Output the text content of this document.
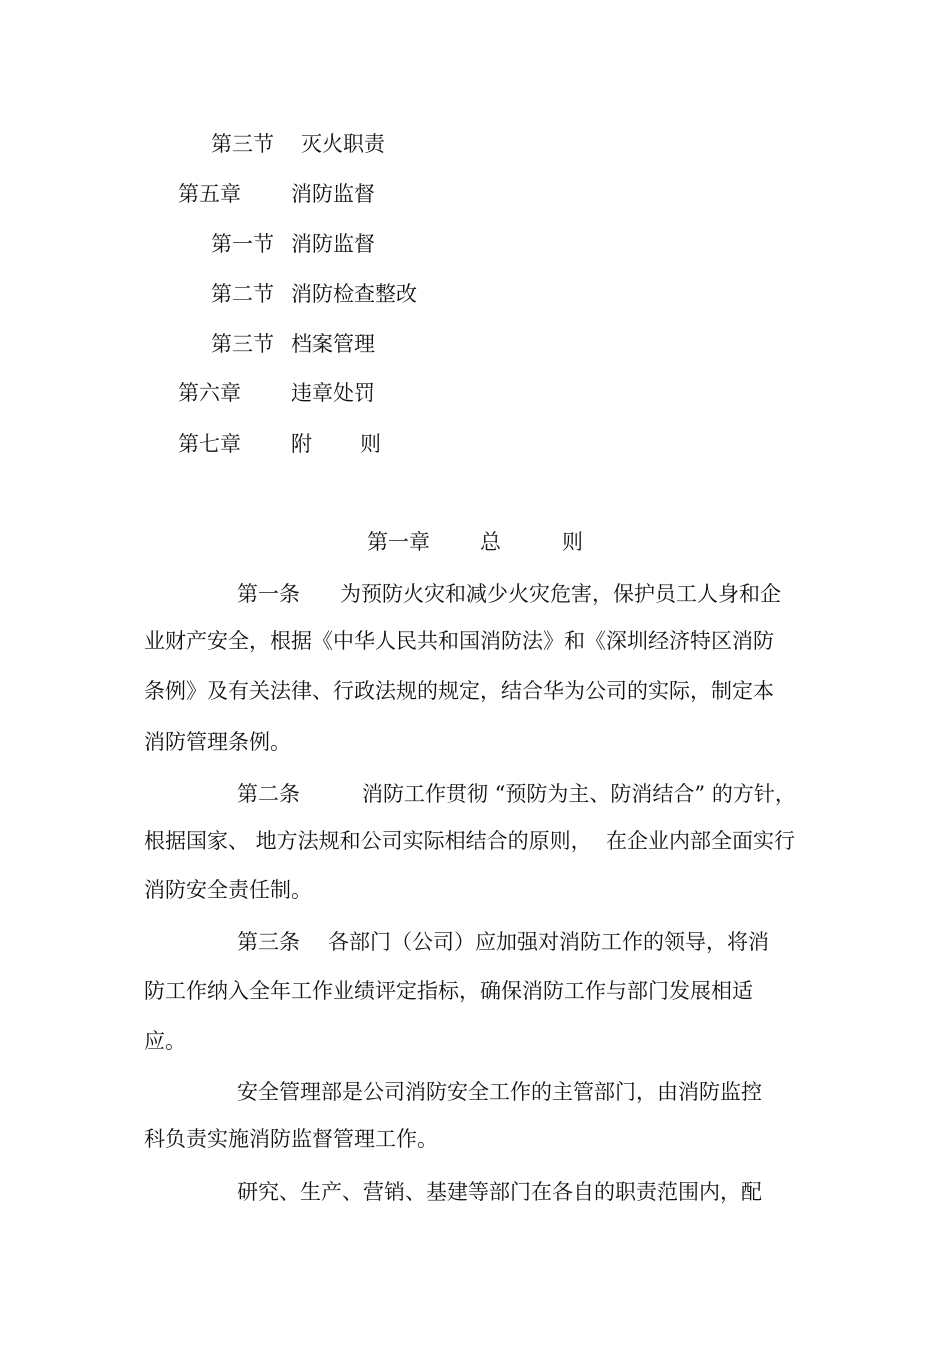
第三节 灭火职责
第五章 消防监督
第一节 消防监督
第二节 消防检查整改
第三节 档案管理
第六章 违章处罚
第七章 附 则
第一章 总	则
第一条 为预防火灾和减少火灾危害，保护员工人身和企
业财产安全，根据《中华人民共和国消防法》和《深圳经济特区消防
条例》及有关法律、行政法规的规定，结合华为公司的实际，制定本
消防管理条例。
第二条	消防工作贯彻 “预防为主、防消结合” 的方针，
根据国家、 地方法规和公司实际相结合的原则， 在企业内部全面实行
消防安全责任制。
第三条 各部门（公司）应加强对消防工作的领导，将消
防工作纳入全年工作业绩评定指标，确保消防工作与部门发展相适
应。
安全管理部是公司消防安全工作的主管部门，由消防监控
科负责实施消防监督管理工作。
研究、生产、营销、基建等部门在各自的职责范围内，配
